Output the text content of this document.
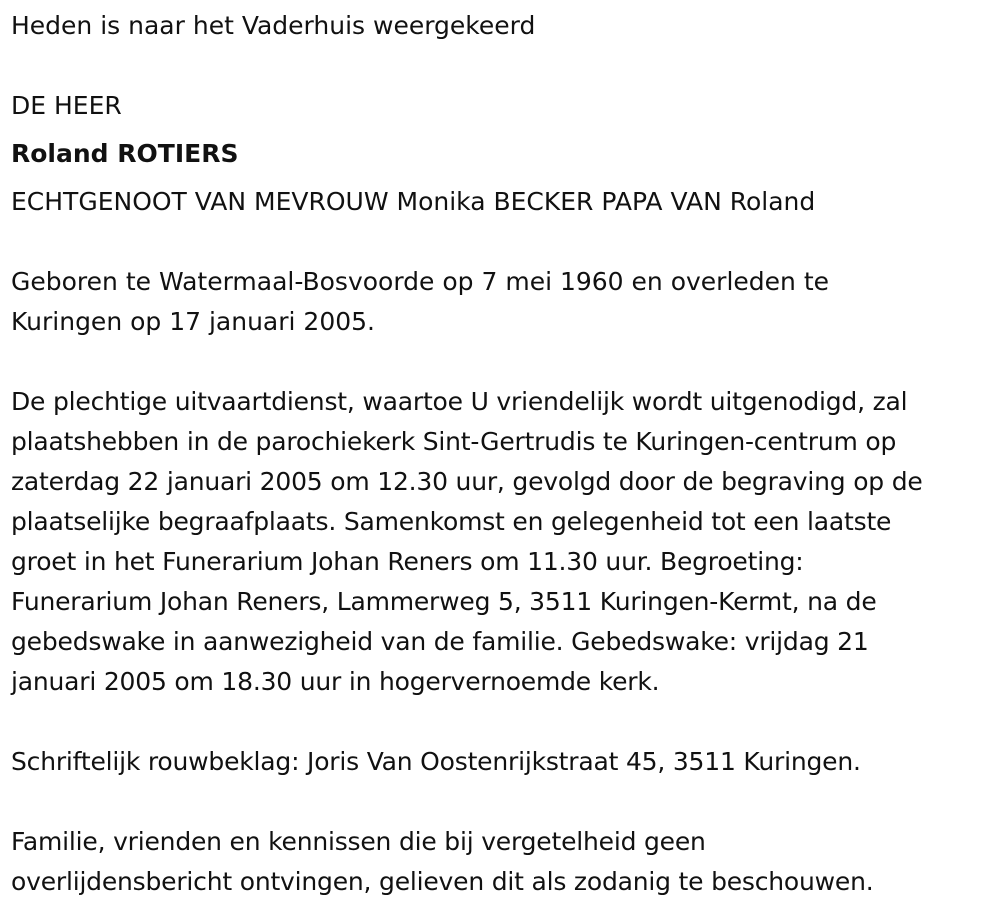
Heden is naar het Vaderhuis weergekeerd
DE HEER
Roland ROTIERS
ECHTGENOOT VAN MEVROUW Monika BECKER PAPA VAN Roland
Geboren te Watermaal-Bosvoorde op 7 mei 1960 en overleden te
Kuringen op 17 januari 2005.
De plechtige uitvaartdienst, waartoe U vriendelijk wordt uitgenodigd, zal
plaatshebben in de parochiekerk Sint-Gertrudis te Kuringen-centrum op
zaterdag 22 januari 2005 om 12.30 uur, gevolgd door de begraving op de
plaatselijke begraafplaats. Samenkomst en gelegenheid tot een laatste
groet in het Funerarium Johan Reners om 11.30 uur. Begroeting:
Funerarium Johan Reners, Lammerweg 5, 3511 Kuringen-Kermt, na de
gebedswake in aanwezigheid van de familie. Gebedswake: vrijdag 21
januari 2005 om 18.30 uur in hogervernoemde kerk.
Schriftelijk rouwbeklag: Joris Van Oostenrijkstraat 45, 3511 Kuringen.
Familie, vrienden en kennissen die bij vergetelheid geen
overlijdensbericht ontvingen, gelieven dit als zodanig te beschouwen.
